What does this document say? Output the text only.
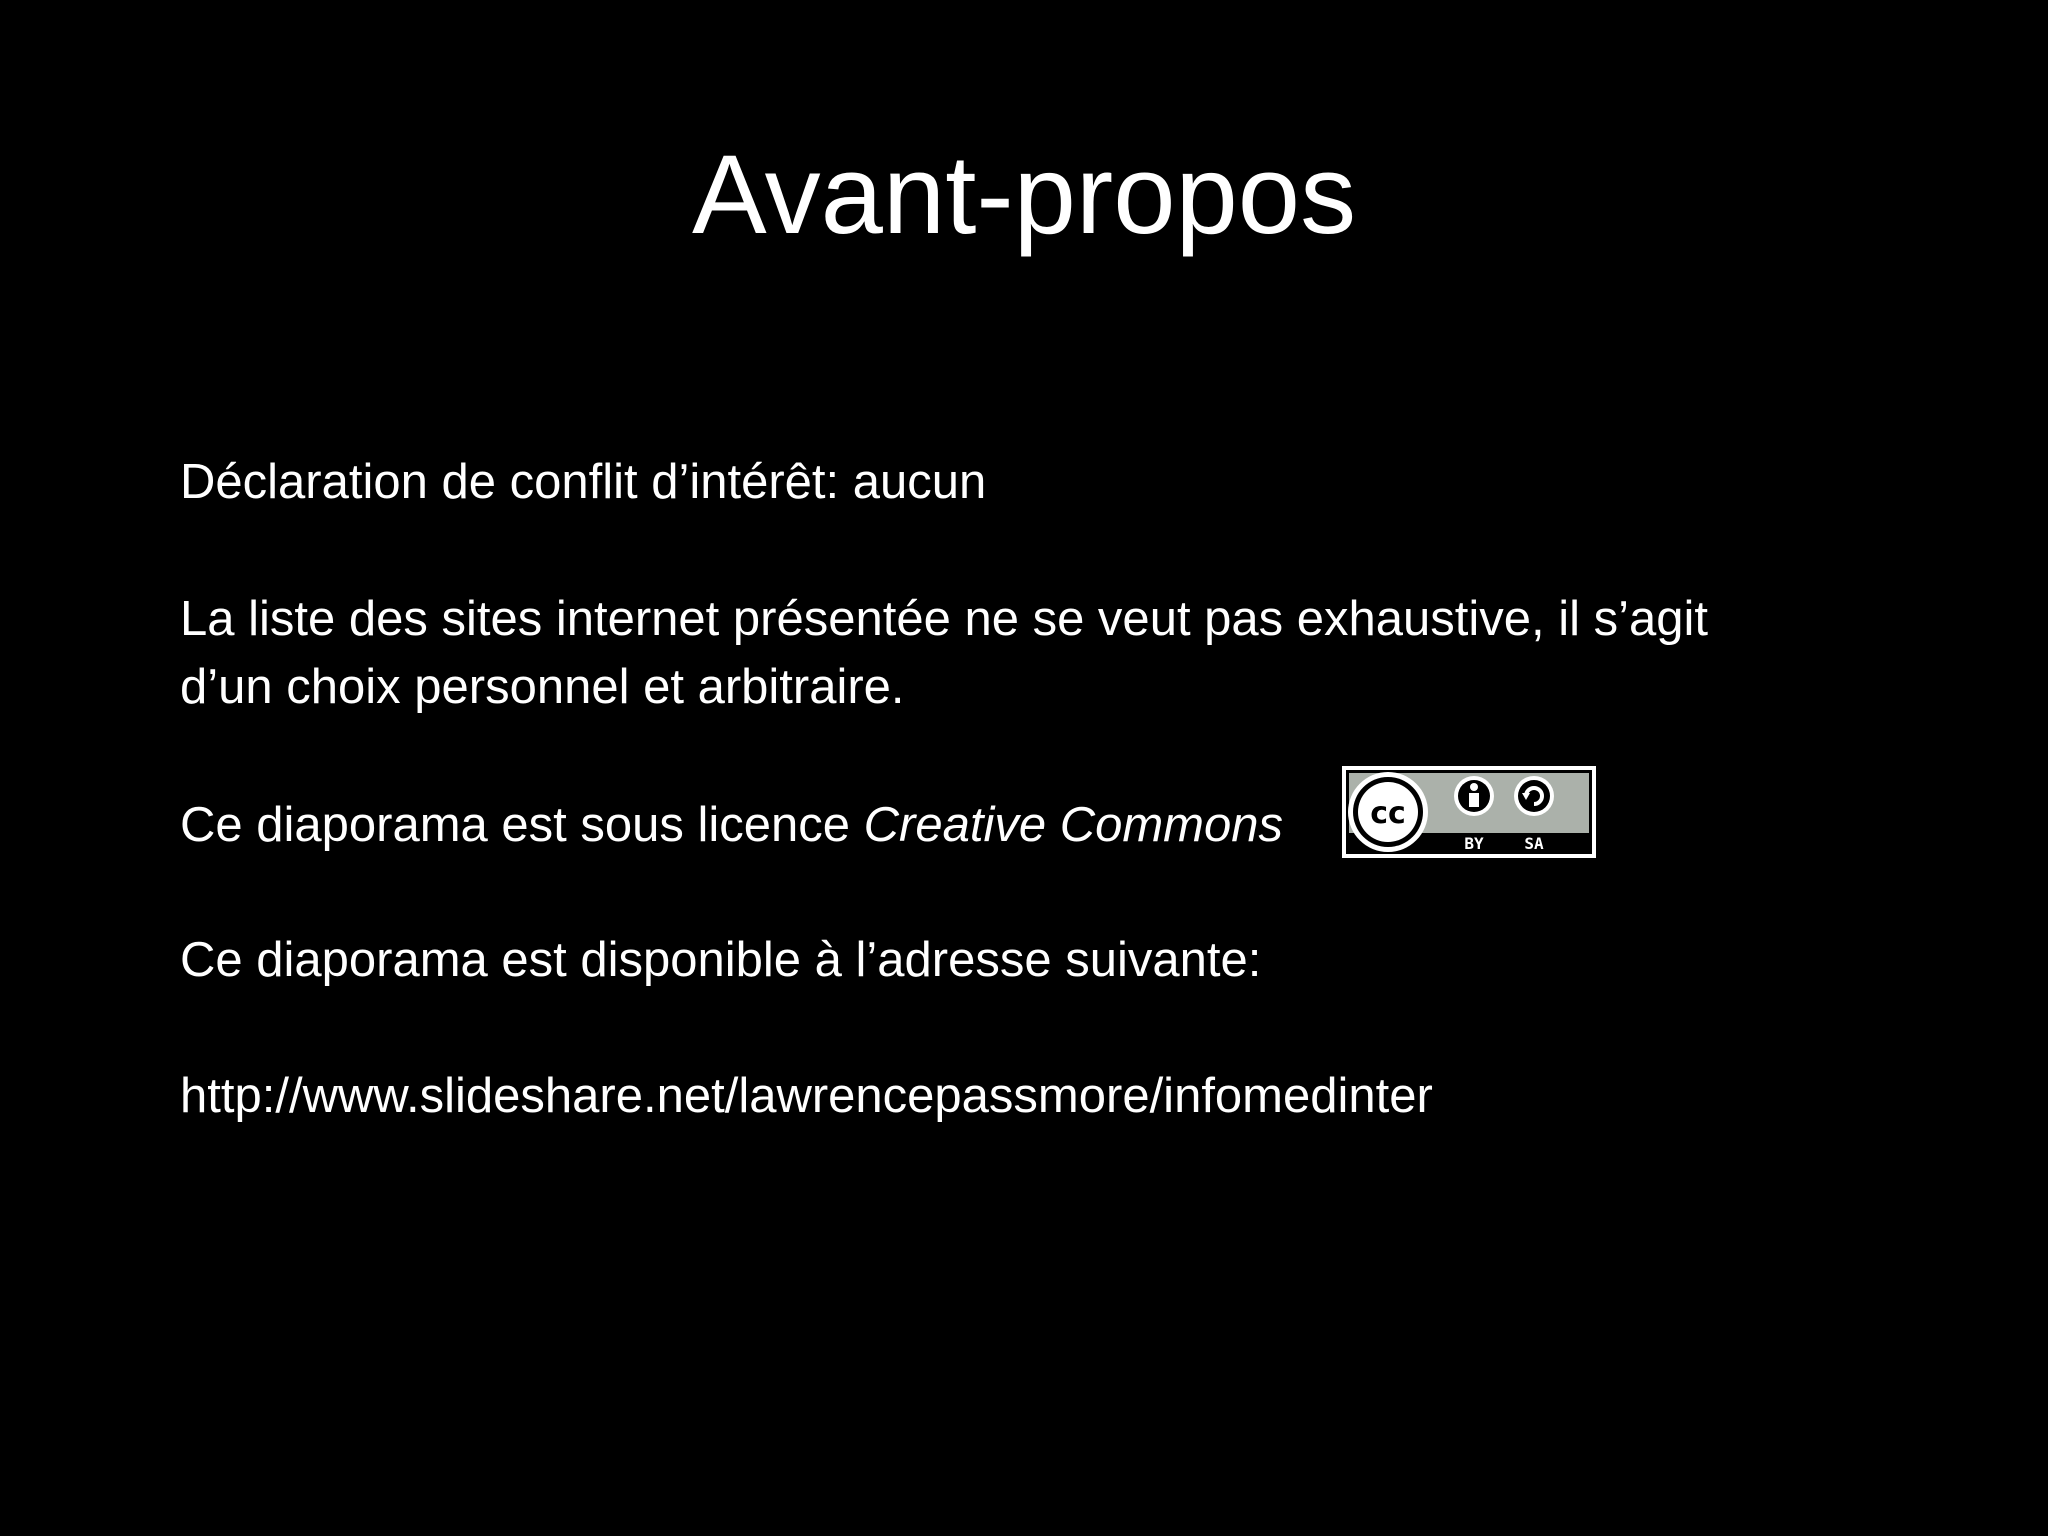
Avant-propos
Déclaration de conflit d’intérêt: aucun
La liste des sites internet présentée ne se veut pas exhaustive, il s’agit
d’un choix personnel et arbitraire.
Ce diaporama est sous licence Creative Commons	cc
BY	SA
Ce diaporama est disponible à l’adresse suivante:
http://www.slideshare.net/lawrencepassmore/infomedinter
